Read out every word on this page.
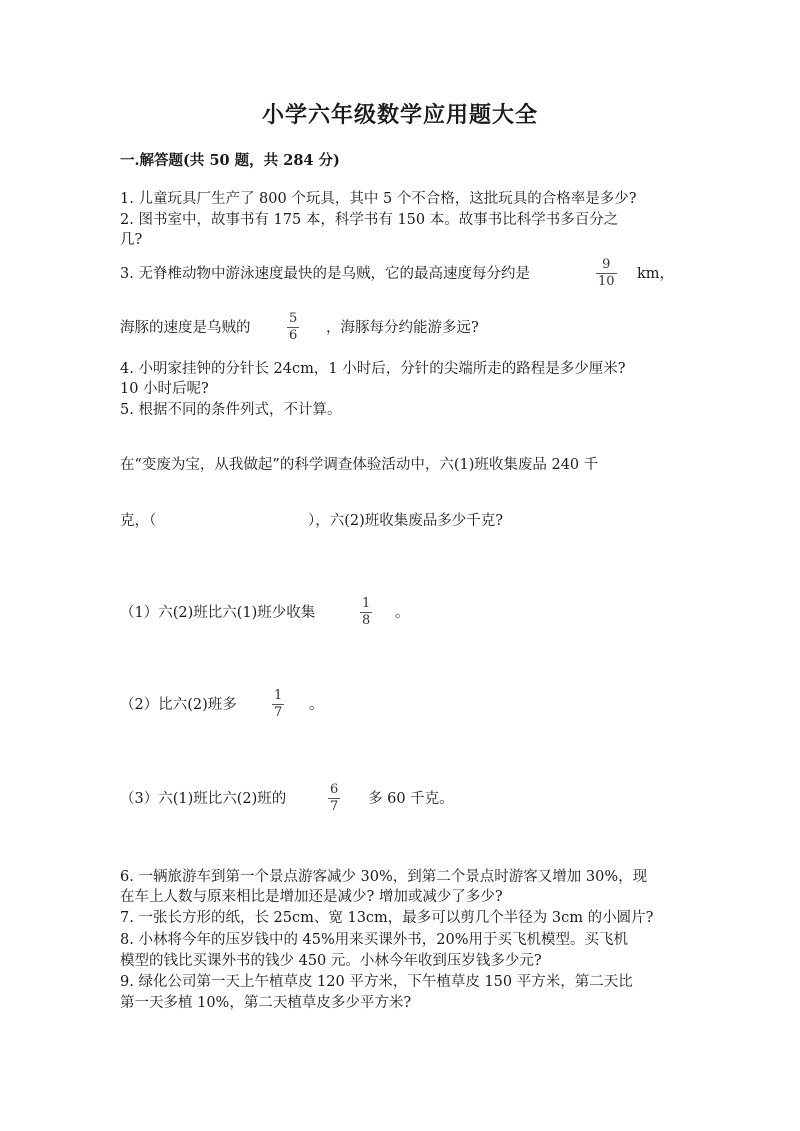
小学六年级数学应用题大全
一.解答题(共 50 题，共 284 分)
1. 儿童玩具厂生产了 800 个玩具，其中 5 个不合格，这批玩具的合格率是多少?
2. 图书室中，故事书有 175 本，科学书有 150 本。故事书比科学书多百分之
几?
3. 无脊椎动物中游泳速度最快的是乌贼，它的最高速度每分约是
9
10 km，
海豚的速度是乌贼的
5
6 ，海豚每分约能游多远?
4. 小明家挂钟的分针长 24cm，1 小时后，分针的尖端所走的路程是多少厘米?
10 小时后呢?
5. 根据不同的条件列式，不计算。
在“变废为宝，从我做起”的科学调查体验活动中，六(1)班收集废品 240 千
克，（	），六(2)班收集废品多少千克?
（1）六(2)班比六(1)班少收集
1
8 。
（2）比六(2)班多
1
7 。
（3）六(1)班比六(2)班的
6
7 多 60 千克。
6. 一辆旅游车到第一个景点游客减少 30%，到第二个景点时游客又增加 30%，现
在车上人数与原来相比是增加还是减少? 增加或减少了多少?
7. 一张长方形的纸，长 25cm、宽 13cm，最多可以剪几个半径为 3cm 的小圆片?
8. 小林将今年的压岁钱中的 45%用来买课外书，20%用于买飞机模型。买飞机
模型的钱比买课外书的钱少 450 元。小林今年收到压岁钱多少元?
9. 绿化公司第一天上午植草皮 120 平方米，下午植草皮 150 平方米，第二天比
第一天多植 10%，第二天植草皮多少平方米?
